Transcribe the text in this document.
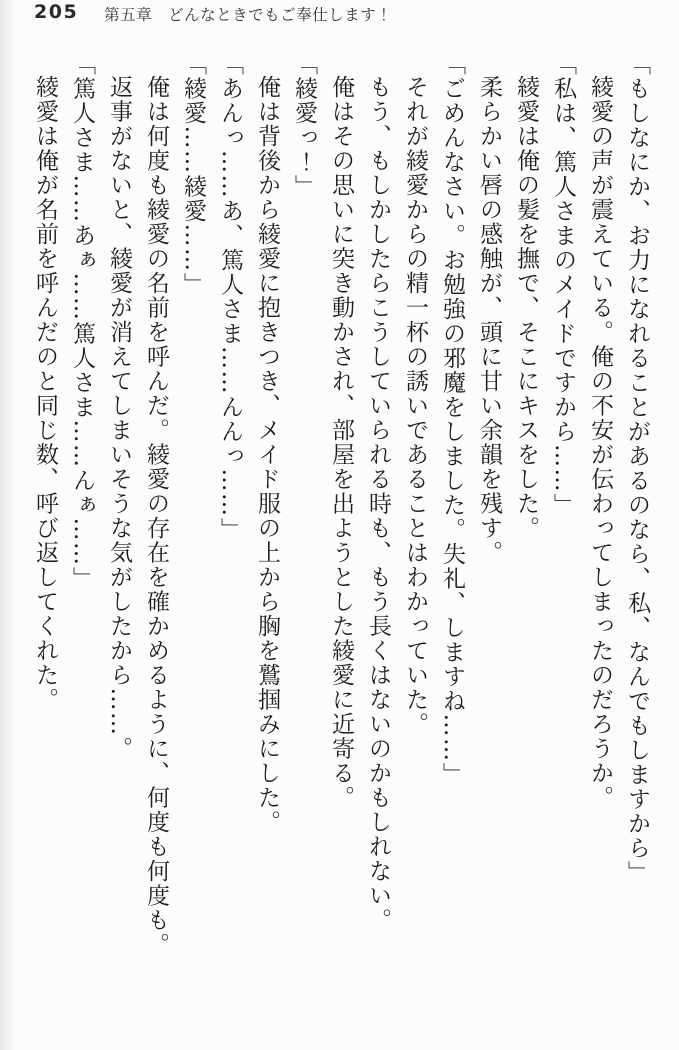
205 第五章　どんなときでもご奉仕します！

「もしなにか、お力になれることがあるのなら、私、なんでもしますから」

綾愛の声が震えている。俺の不安が伝わってしまったのだろうか。

「私は、篤人さまのメイドですから……」

綾愛は俺の髪を撫で、そこにキスをした。

柔らかい唇の感触が、頭に甘い余韻を残す。

「ごめんなさい。お勉強の邪魔をしました。失礼、しますね……」

それが綾愛からの精一杯の誘いであることはわかっていた。

もう、もしかしたらこうしていられる時も、もう長くはないのかもしれない。

俺はその思いに突き動かされ、部屋を出ようとした綾愛に近寄る。

「綾愛っ！」

俺は背後から綾愛に抱きつき、メイド服の上から胸を鷲掴みにした。

「あんっ……あ、篤人さま……んんっ……」

「綾愛……綾愛……」

俺は何度も綾愛の名前を呼んだ。綾愛の存在を確かめるように、何度も何度も。

返事がないと、綾愛が消えてしまいそうな気がしたから……。

「篤人さま……あぁ……篤人さま……んぁ……」

綾愛は俺が名前を呼んだのと同じ数、呼び返してくれた。
